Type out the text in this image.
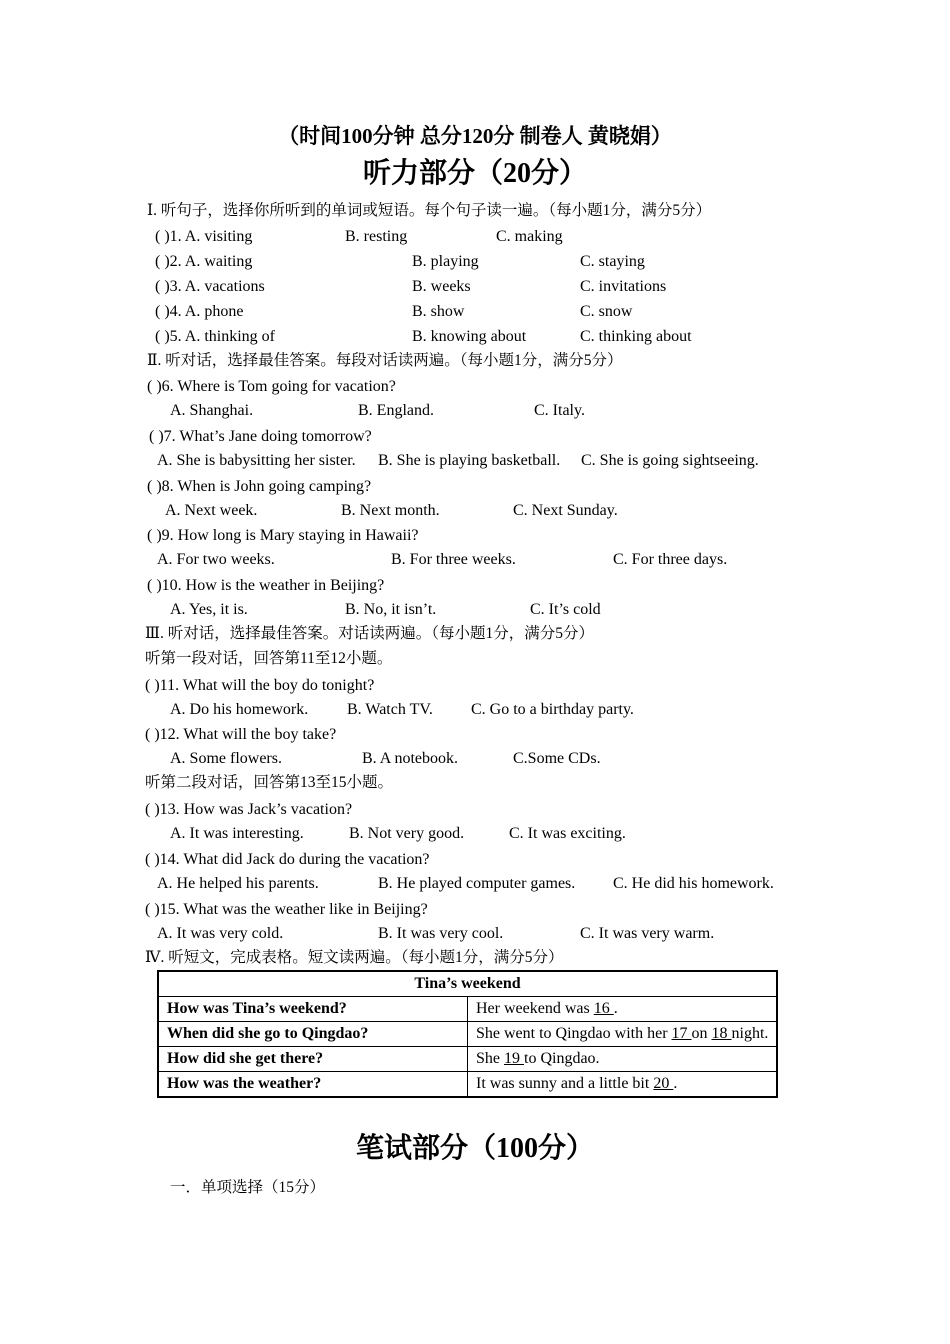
（时间100分钟 总分120分 制卷人 黄晓娟）
听力部分（20分）
Ⅰ. 听句子，选择你所听到的单词或短语。每个句子读一遍。（每小题1分，满分5分）
( )1. A. visiting	B. resting	C. making
( )2. A. waiting	B. playing	C. staying
( )3. A. vacations	B. weeks	C. invitations
( )4. A. phone	B. show	C. snow
( )5. A. thinking of	B. knowing about	C. thinking about
Ⅱ. 听对话，选择最佳答案。每段对话读两遍。（每小题1分，满分5分）
( )6. Where is Tom going for vacation?
A. Shanghai.	B. England.	C. Italy.
( )7. What’s Jane doing tomorrow?
A. She is babysitting her sister. B. She is playing basketball. C. She is going sightseeing.
( )8. When is John going camping?
A. Next week.	B. Next month.	C. Next Sunday.
( )9. How long is Mary staying in Hawaii?
A. For two weeks.	B. For three weeks.	C. For three days.
( )10. How is the weather in Beijing?
A. Yes, it is.	B. No, it isn’t.	C. It’s cold
Ⅲ. 听对话，选择最佳答案。对话读两遍。（每小题1分，满分5分）
听第一段对话，回答第11至12小题。
( )11. What will the boy do tonight?
A. Do his homework. B. Watch TV. C. Go to a birthday party.
( )12. What will the boy take?
A. Some flowers.	B. A notebook.	C.Some CDs.
听第二段对话，回答第13至15小题。
( )13. How was Jack’s vacation?
A. It was interesting.	B. Not very good.	C. It was exciting.
( )14. What did Jack do during the vacation?
A. He helped his parents.	B. He played computer games. C. He did his homework.
( )15. What was the weather like in Beijing?
A. It was very cold.	B. It was very cool.	C. It was very warm.
Ⅳ. 听短文，完成表格。短文读两遍。（每小题1分，满分5分）
Tina’s weekend	
How was Tina’s weekend?	Her weekend was 16 .
When did she go to Qingdao?	She went to Qingdao with her 17 on 18 night.
How did she get there?	She 19 to Qingdao.
How was the weather?	It was sunny and a little bit 20 .
笔试部分（100分）
一．单项选择（15分）
